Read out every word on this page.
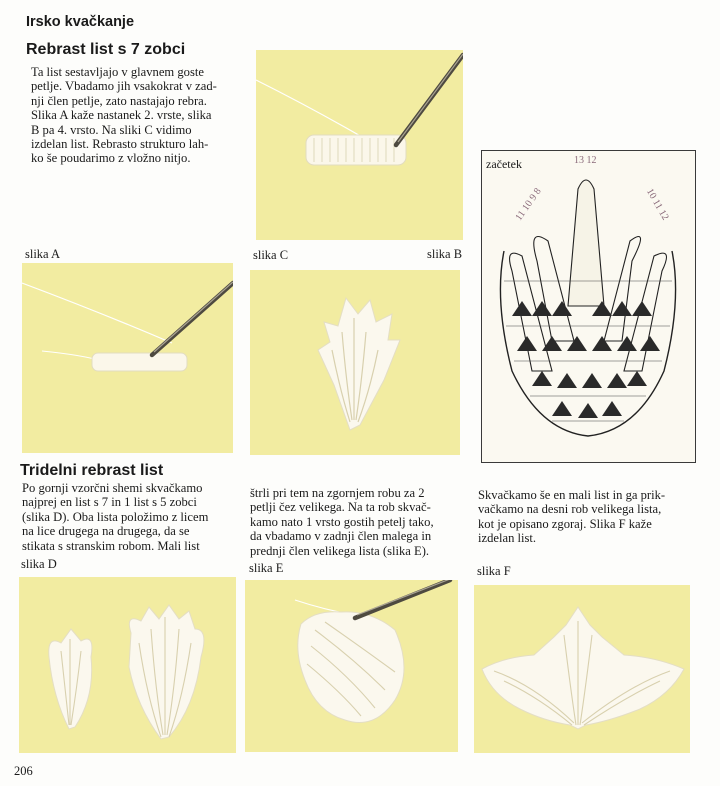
Irsko kvačkanje
Rebrast list s 7 zobci
Ta list sestavljajo v glavnem goste
petlje. Vbadamo jih vsakokrat v zad-
nji člen petlje, zato nastajajo rebra.
Slika A kaže nastanek 2. vrste, slika
B pa 4. vrsto. Na sliki C vidimo
izdelan list. Rebrasto strukturo lah-
ko še poudarimo z vložno nitjo.	začetek
11 10 9 8
13 12
10 11 12
slika A	slika C	slika B
Tridelni rebrast list
Po gornji vzorčni shemi skvačkamo
najprej en list s 7 in 1 list s 5 zobci
(slika D). Oba lista položimo z licem
na lice drugega na drugega, da se
stikata s stranskim robom. Mali list
štrli pri tem na zgornjem robu za 2
petlji čez velikega. Na ta rob skvač-
kamo nato 1 vrsto gostih petelj tako,
da vbadamo v zadnji člen malega in
prednji člen velikega lista (slika E).
Skvačkamo še en mali list in ga prik-
vačkamo na desni rob velikega lista,
kot je opisano zgoraj. Slika F kaže
izdelan list.
slika D	slika E	slika F
206
